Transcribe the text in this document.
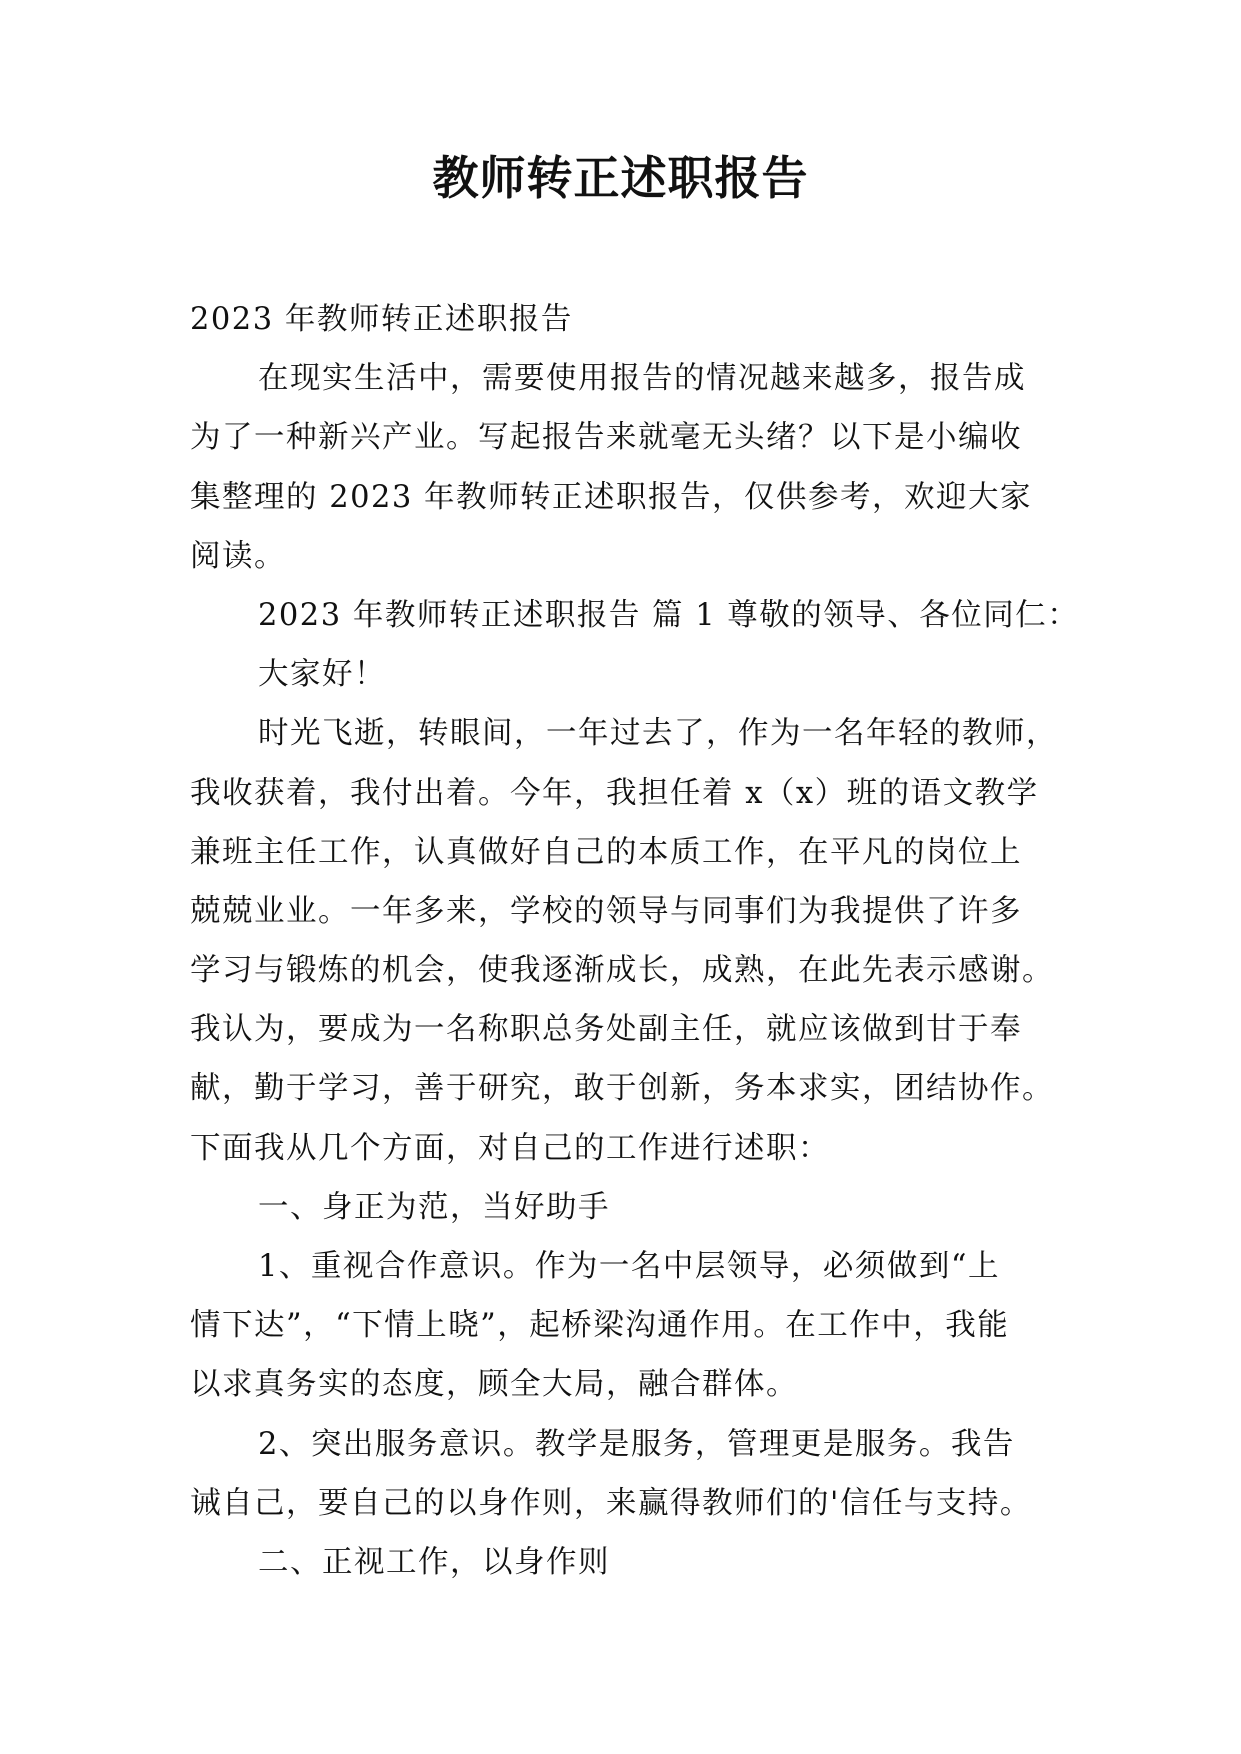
教师转正述职报告
2023 年教师转正述职报告
在现实生活中，需要使用报告的情况越来越多，报告成
为了一种新兴产业。写起报告来就毫无头绪？以下是小编收
集整理的 2023 年教师转正述职报告，仅供参考，欢迎大家
阅读。
2023 年教师转正述职报告 篇 1 尊敬的领导、各位同仁：
大家好！
时光飞逝，转眼间，一年过去了，作为一名年轻的教师，
我收获着，我付出着。今年，我担任着 x（x）班的语文教学
兼班主任工作，认真做好自己的本质工作，在平凡的岗位上
兢兢业业。一年多来，学校的领导与同事们为我提供了许多
学习与锻炼的机会，使我逐渐成长，成熟，在此先表示感谢。
我认为，要成为一名称职总务处副主任，就应该做到甘于奉
献，勤于学习，善于研究，敢于创新，务本求实，团结协作。
下面我从几个方面，对自己的工作进行述职：
一、身正为范，当好助手
1、重视合作意识。作为一名中层领导，必须做到“上
情下达”，“下情上晓”，起桥梁沟通作用。在工作中，我能
以求真务实的态度，顾全大局，融合群体。
2、突出服务意识。教学是服务，管理更是服务。我告
诫自己，要自己的以身作则，来赢得教师们的'信任与支持。
二、正视工作，以身作则
